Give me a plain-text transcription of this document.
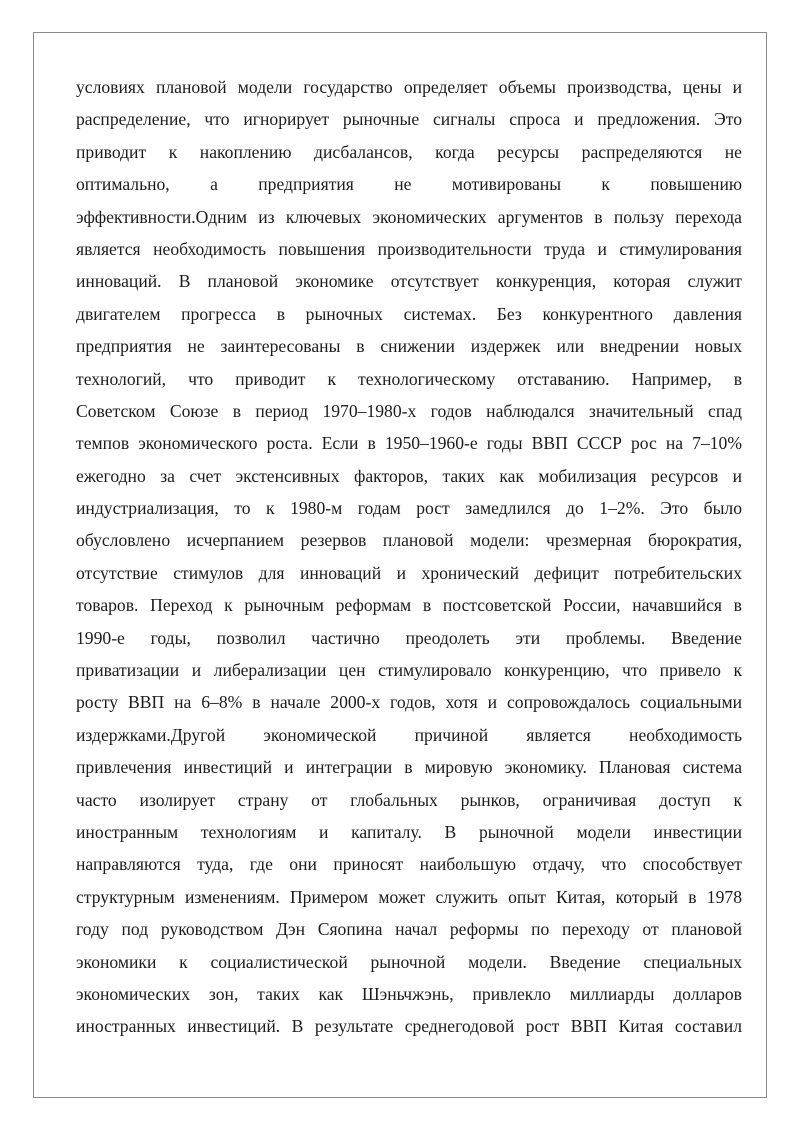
условиях плановой модели государство определяет объемы производства, цены и
распределение, что игнорирует рыночные сигналы спроса и предложения. Это
приводит к накоплению дисбалансов, когда ресурсы распределяются не
оптимально, а предприятия не мотивированы к повышению
эффективности.Одним из ключевых экономических аргументов в пользу перехода
является необходимость повышения производительности труда и стимулирования
инноваций. В плановой экономике отсутствует конкуренция, которая служит
двигателем прогресса в рыночных системах. Без конкурентного давления
предприятия не заинтересованы в снижении издержек или внедрении новых
технологий, что приводит к технологическому отставанию. Например, в
Советском Союзе в период 1970–1980-х годов наблюдался значительный спад
темпов экономического роста. Если в 1950–1960-е годы ВВП СССР рос на 7–10%
ежегодно за счет экстенсивных факторов, таких как мобилизация ресурсов и
индустриализация, то к 1980-м годам рост замедлился до 1–2%. Это было
обусловлено исчерпанием резервов плановой модели: чрезмерная бюрократия,
отсутствие стимулов для инноваций и хронический дефицит потребительских
товаров. Переход к рыночным реформам в постсоветской России, начавшийся в
1990-е годы, позволил частично преодолеть эти проблемы. Введение
приватизации и либерализации цен стимулировало конкуренцию, что привело к
росту ВВП на 6–8% в начале 2000-х годов, хотя и сопровождалось социальными
издержками.Другой экономической причиной является необходимость
привлечения инвестиций и интеграции в мировую экономику. Плановая система
часто изолирует страну от глобальных рынков, ограничивая доступ к
иностранным технологиям и капиталу. В рыночной модели инвестиции
направляются туда, где они приносят наибольшую отдачу, что способствует
структурным изменениям. Примером может служить опыт Китая, который в 1978
году под руководством Дэн Сяопина начал реформы по переходу от плановой
экономики к социалистической рыночной модели. Введение специальных
экономических зон, таких как Шэньчжэнь, привлекло миллиарды долларов
иностранных инвестиций. В результате среднегодовой рост ВВП Китая составил
